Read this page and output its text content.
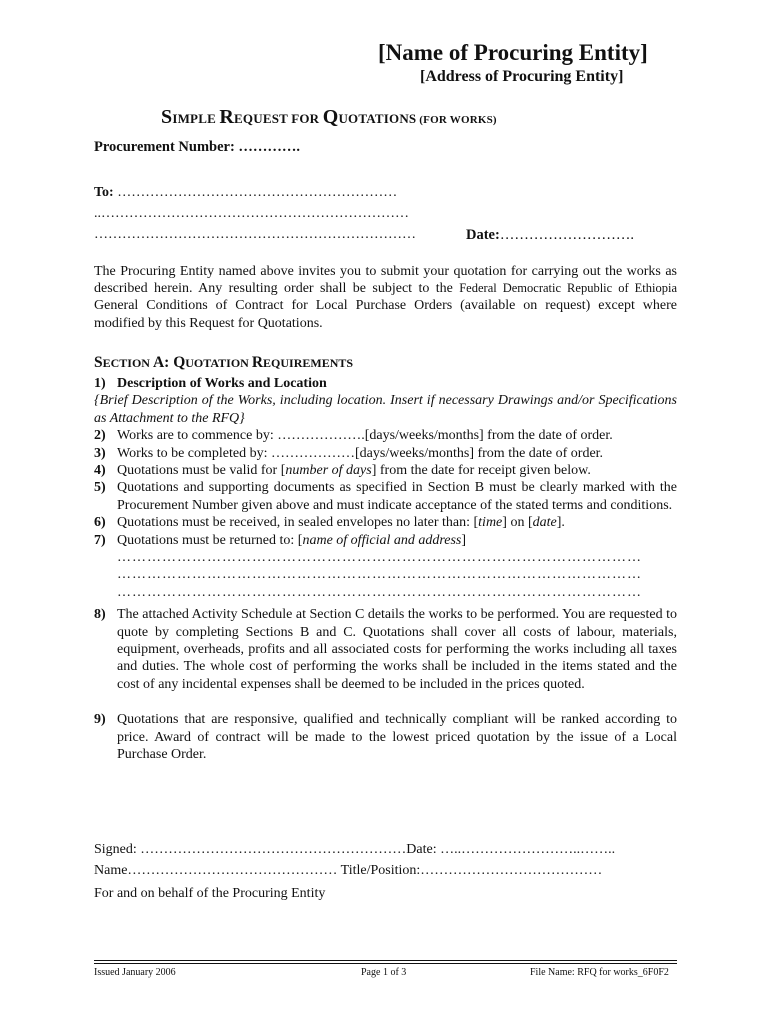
[Name of Procuring Entity]
[Address of Procuring Entity]
SIMPLE REQUEST FOR QUOTATIONS (FOR WORKS)
Procurement Number: ………….
To: ……………………………………………………
..…………………………………………………………
……………………………………………………………	Date:……………………….
The Procuring Entity named above invites you to submit your quotation for carrying out the works as described herein. Any resulting order shall be subject to the Federal Democratic Republic of Ethiopia General Conditions of Contract for Local Purchase Orders (available on request) except where modified by this Request for Quotations.
SECTION A: QUOTATION REQUIREMENTS
1) Description of Works and Location
{Brief Description of the Works, including location. Insert if necessary Drawings and/or Specifications as Attachment to the RFQ}
2) Works are to commence by: ……………….[days/weeks/months] from the date of order.
3) Works to be completed by: ………………[days/weeks/months] from the date of order.
4) Quotations must be valid for [number of days] from the date for receipt given below.
5) Quotations and supporting documents as specified in Section B must be clearly marked with the Procurement Number given above and must indicate acceptance of the stated terms and conditions.
6) Quotations must be received, in sealed envelopes no later than: [time] on [date].
7) Quotations must be returned to: [name of official and address]
……………………………………………………………………………………………
……………………………………………………………………………………………
……………………………………………………………………………………………
8) The attached Activity Schedule at Section C details the works to be performed. You are requested to quote by completing Sections B and C. Quotations shall cover all costs of labour, materials, equipment, overheads, profits and all associated costs for performing the works including all taxes and duties. The whole cost of performing the works shall be included in the items stated and the cost of any incidental expenses shall be deemed to be included in the prices quoted.
9) Quotations that are responsive, qualified and technically compliant will be ranked according to price. Award of contract will be made to the lowest priced quotation by the issue of a Local Purchase Order.
Signed: …………………………………………………Date: …..……………………..……..
Name……………………………………… Title/Position:…………………………………
For and on behalf of the Procuring Entity
Issued January 2006	Page 1 of 3	File Name: RFQ for works_6F0F2
